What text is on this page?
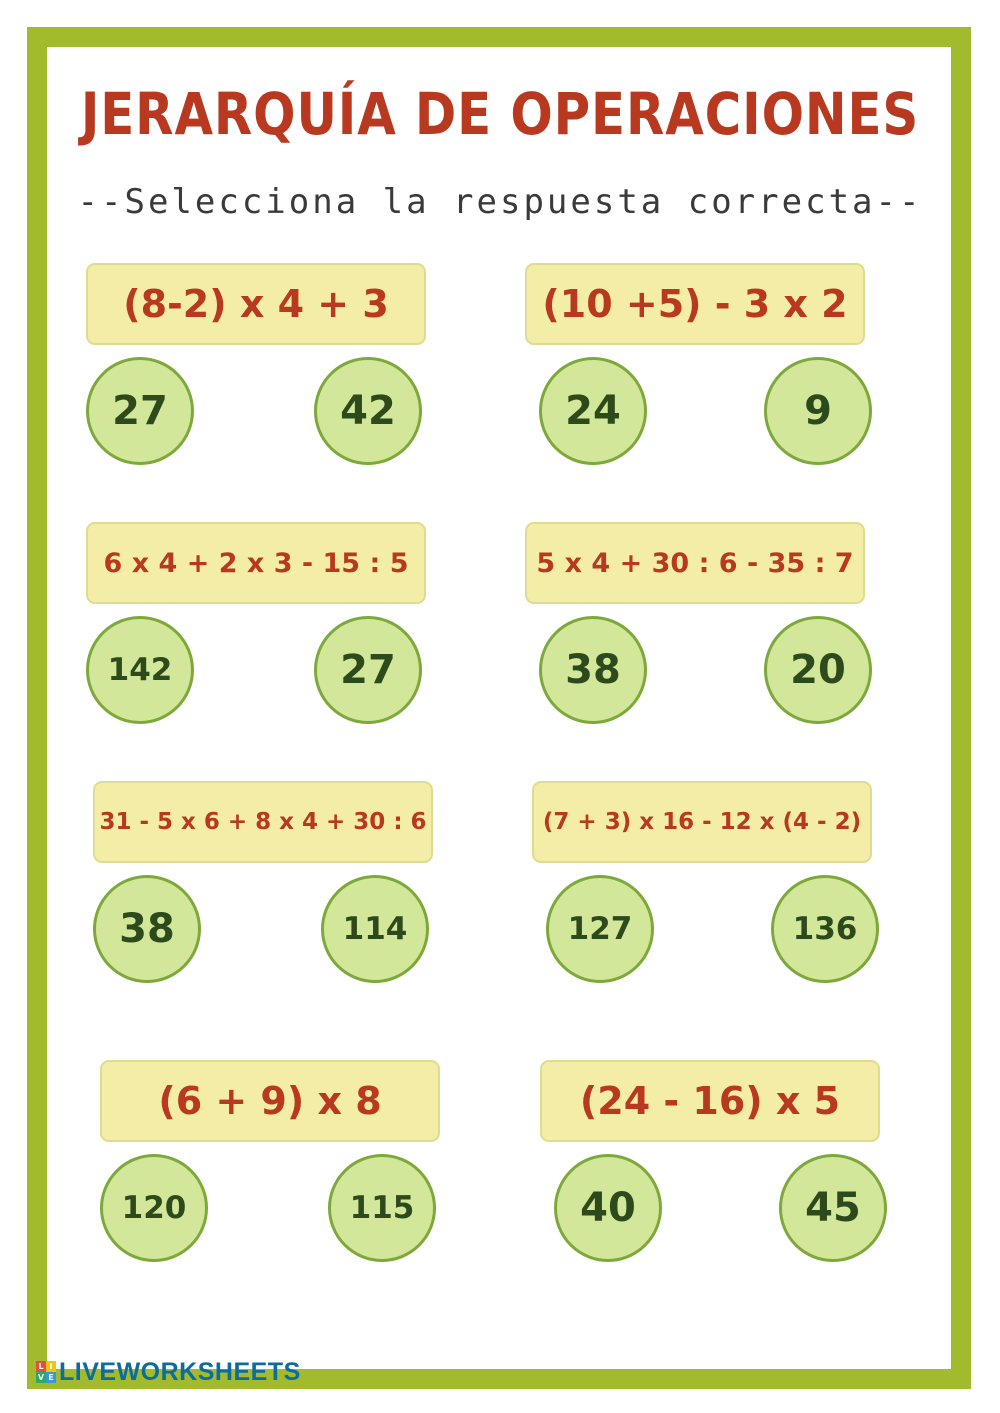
JERARQUÍA DE OPERACIONES
--Selecciona la respuesta correcta--
(8-2) x 4 + 3
27	42
(10 +5) - 3 x 2
24	9
6 x 4 + 2 x 3 - 15 : 5
142	27
5 x 4 + 30 : 6 - 35 : 7
38	20
31 - 5 x 6 + 8 x 4 + 30 : 6
38	114
(7 + 3) x 16 - 12 x (4 - 2)
127	136
(6 + 9) x 8
120	115
(24 - 16) x 5
40	45
L I
V E LIVEWORKSHEETS
